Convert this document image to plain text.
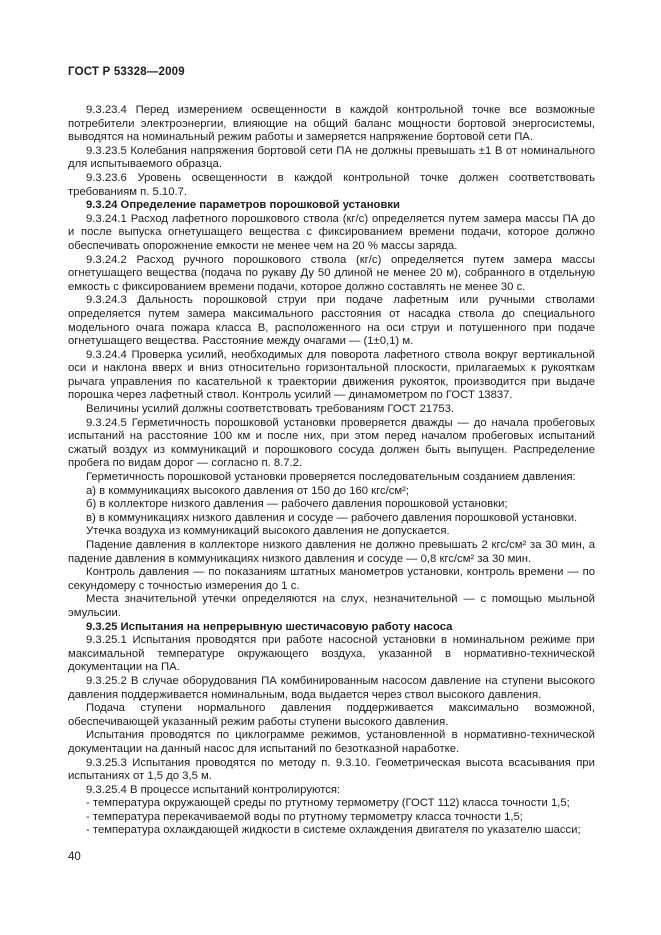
ГОСТ Р 53328—2009

9.3.23.4 Перед измерением освещенности в каждой контрольной точке все возможные потребители электроэнергии, влияющие на общий баланс мощности бортовой энергосистемы, выводятся на номинальный режим работы и замеряется напряжение бортовой сети ПА.

9.3.23.5 Колебания напряжения бортовой сети ПА не должны превышать ±1 В от номинального для испытываемого образца.

9.3.23.6 Уровень освещенности в каждой контрольной точке должен соответствовать требованиям п. 5.10.7.

9.3.24 Определение параметров порошковой установки

9.3.24.1 Расход лафетного порошкового ствола (кг/с) определяется путем замера массы ПА до и после выпуска огнетушащего вещества с фиксированием времени подачи, которое должно обеспечивать опорожнение емкости не менее чем на 20 % массы заряда.

9.3.24.2 Расход ручного порошкового ствола (кг/с) определяется путем замера массы огнетушащего вещества (подача по рукаву Ду 50 длиной не менее 20 м), собранного в отдельную емкость с фиксированием времени подачи, которое должно составлять не менее 30 с.

9.3.24.3 Дальность порошковой струи при подаче лафетным или ручными стволами определяется путем замера максимального расстояния от насадка ствола до специального модельного очага пожара класса В, расположенного на оси струи и потушенного при подаче огнетушащего вещества. Расстояние между очагами — (1±0,1) м.

9.3.24.4 Проверка усилий, необходимых для поворота лафетного ствола вокруг вертикальной оси и наклона вверх и вниз относительно горизонтальной плоскости, прилагаемых к рукояткам рычага управления по касательной к траектории движения рукояток, производится при выдаче порошка через лафетный ствол. Контроль усилий — динамометром по ГОСТ 13837.

Величины усилий должны соответствовать требованиям ГОСТ 21753.

9.3.24.5 Герметичность порошковой установки проверяется дважды — до начала пробеговых испытаний на расстояние 100 км и после них, при этом перед началом пробеговых испытаний сжатый воздух из коммуникаций и порошкового сосуда должен быть выпущен. Распределение пробега по видам дорог — согласно п. 8.7.2.

Герметичность порошковой установки проверяется последовательным созданием давления:

а) в коммуникациях высокого давления от 150 до 160 кгс/см²;

б) в коллекторе низкого давления — рабочего давления порошковой установки;

в) в коммуникациях низкого давления и сосуде — рабочего давления порошковой установки.

Утечка воздуха из коммуникаций высокого давления не допускается.

Падение давления в коллекторе низкого давления не должно превышать 2 кгс/см² за 30 мин, а падение давления в коммуникациях низкого давления и сосуде — 0,8 кгс/см² за 30 мин.

Контроль давления — по показаниям штатных манометров установки, контроль времени — по секундомеру с точностью измерения до 1 с.

Места значительной утечки определяются на слух, незначительной — с помощью мыльной эмульсии.

9.3.25 Испытания на непрерывную шестичасовую работу насоса

9.3.25.1 Испытания проводятся при работе насосной установки в номинальном режиме при максимальной температуре окружающего воздуха, указанной в нормативно-технической документации на ПА.

9.3.25.2 В случае оборудования ПА комбинированным насосом давление на ступени высокого давления поддерживается номинальным, вода выдается через ствол высокого давления.

Подача ступени нормального давления поддерживается максимально возможной, обеспечивающей указанный режим работы ступени высокого давления.

Испытания проводятся по циклограмме режимов, установленной в нормативно-технической документации на данный насос для испытаний по безотказной наработке.

9.3.25.3 Испытания проводятся по методу п. 9.3.10. Геометрическая высота всасывания при испытаниях от 1,5 до 3,5 м.

9.3.25.4 В процессе испытаний контролируются:

- температура окружающей среды по ртутному термометру (ГОСТ 112) класса точности 1,5;

- температура перекачиваемой воды по ртутному термометру класса точности 1,5;

- температура охлаждающей жидкости в системе охлаждения двигателя по указателю шасси;

40
